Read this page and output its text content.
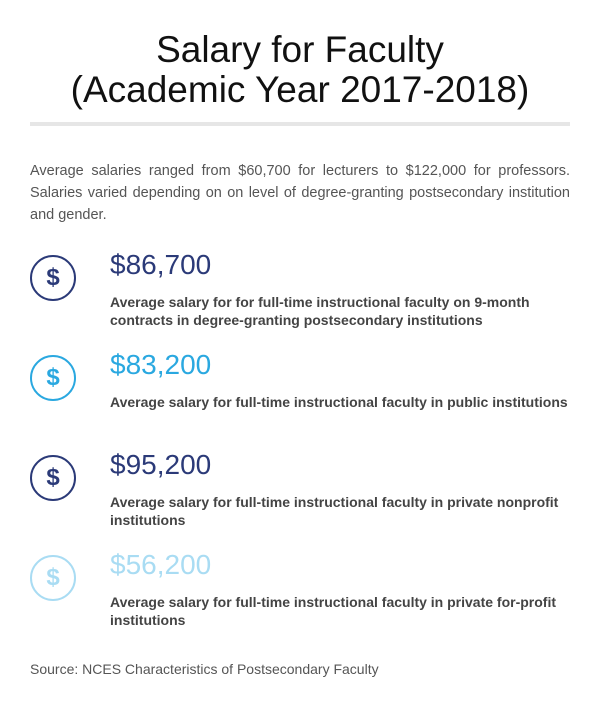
Salary for Faculty
(Academic Year 2017-2018)

Average salaries ranged from $60,700 for lecturers to $122,000 for professors. Salaries varied depending on on level of degree-granting postsecondary institution and gender.

$ $86,700
Average salary for for full-time instructional faculty on 9-month contracts in degree-granting postsecondary institutions
$ $83,200
Average salary for full-time instructional faculty in public institutions
$ $95,200
Average salary for full-time instructional faculty in private nonprofit institutions
$ $56,200
Average salary for full-time instructional faculty in private for-profit institutions
Source: NCES Characteristics of Postsecondary Faculty
